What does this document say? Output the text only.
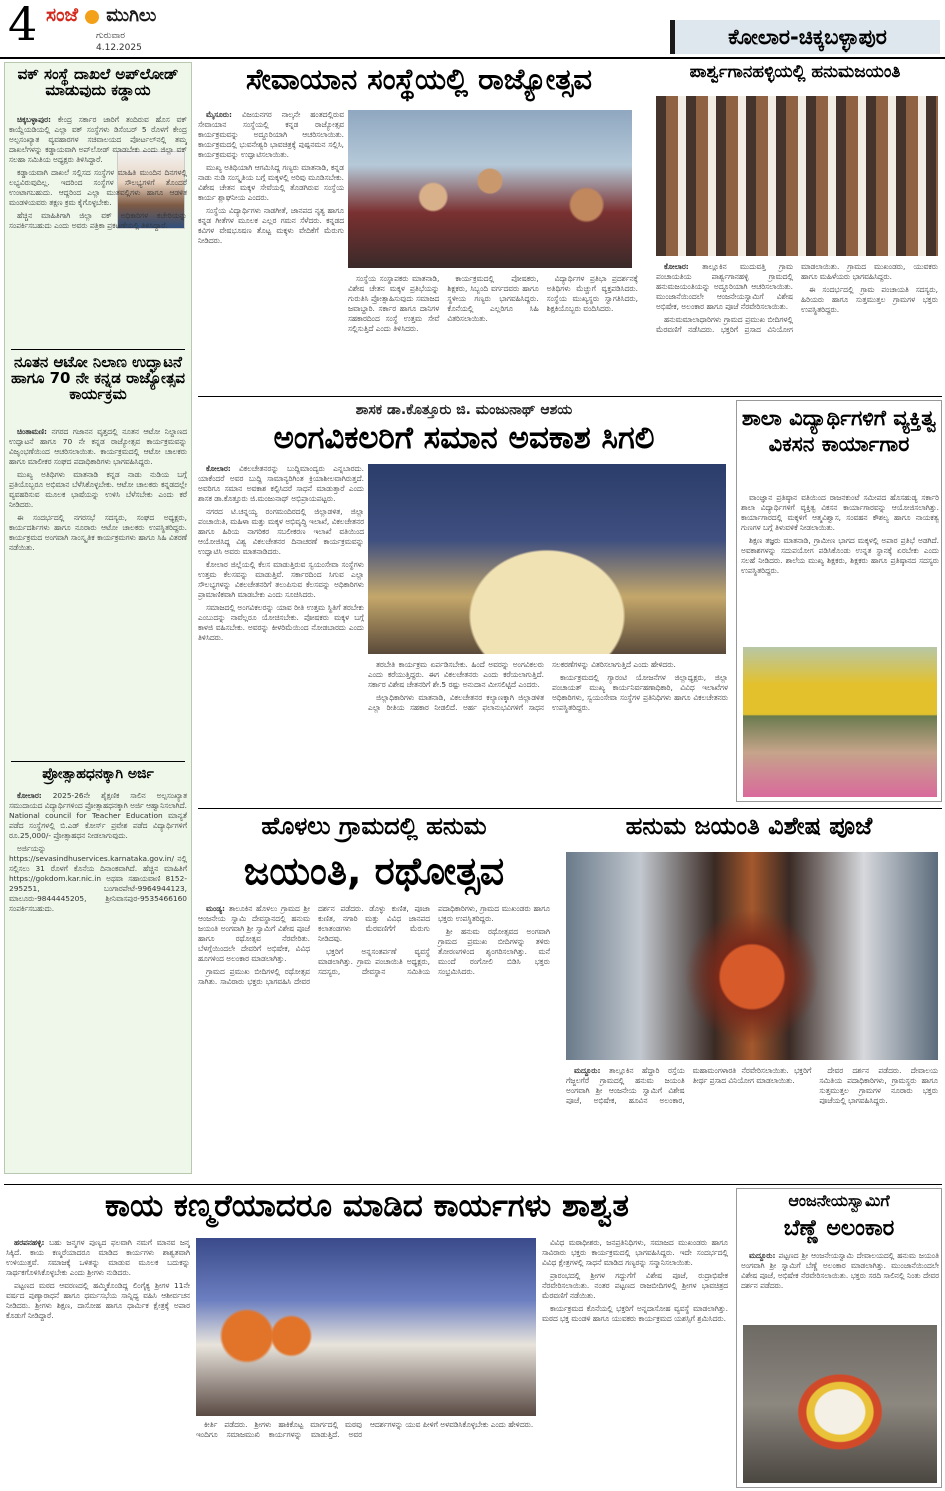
4 ಸಂಜೆ ಮುಗಿಲು
ಗುರುವಾರ
4.12.2025	ಕೋಲಾರ-ಚಿಕ್ಕಬಳ್ಳಾಪುರ
ವಕ್ ಸಂಸ್ಥೆ ದಾಖಲೆ ಅಪ್‌ಲೋಡ್ ಮಾಡುವುದು ಕಡ್ಡಾಯ

ಚಿಕ್ಕಬಳ್ಳಾಪುರ: ಕೇಂದ್ರ ಸರ್ಕಾರ ಜಾರಿಗೆ ತಂದಿರುವ ಹೊಸ ವಕ್ ಕಾಯ್ದೆಯಡಿಯಲ್ಲಿ ಎಲ್ಲಾ ವಕ್ ಸಂಸ್ಥೆಗಳು ಡಿಸೆಂಬರ್ 5 ರೊಳಗೆ ಕೇಂದ್ರ ಅಲ್ಪಸಂಖ್ಯಾತ ವ್ಯವಹಾರಗಳ ಸಚಿವಾಲಯದ ಪೋರ್ಟಲ್‌ನಲ್ಲಿ ತಮ್ಮ ದಾಖಲೆಗಳನ್ನು ಕಡ್ಡಾಯವಾಗಿ ಅಪ್‌ಲೋಡ್ ಮಾಡಬೇಕು ಎಂದು ಜಿಲ್ಲಾ ವಕ್ ಸಲಹಾ ಸಮಿತಿಯ ಅಧ್ಯಕ್ಷರು ತಿಳಿಸಿದ್ದಾರೆ.

ಕಡ್ಡಾಯವಾಗಿ ದಾಖಲೆ ಸಲ್ಲಿಸದ ಸಂಸ್ಥೆಗಳ ಮಾಹಿತಿ ಮುಂದಿನ ದಿನಗಳಲ್ಲಿ ಲಭ್ಯವಿರುವುದಿಲ್ಲ. ಇದರಿಂದ ಸಂಸ್ಥೆಗಳ ಸೌಲಭ್ಯಗಳಿಗೆ ತೊಂದರೆ ಉಂಟಾಗಬಹುದು. ಆದ್ದರಿಂದ ಎಲ್ಲಾ ಮುತವಲ್ಲಿಗಳು ಹಾಗೂ ಆಡಳಿತ ಮಂಡಳಿಯವರು ತಕ್ಷಣ ಕ್ರಮ ಕೈಗೊಳ್ಳಬೇಕು.

ಹೆಚ್ಚಿನ ಮಾಹಿತಿಗಾಗಿ ಜಿಲ್ಲಾ ವಕ್ ಅಧಿಕಾರಿಗಳ ಕಚೇರಿಯನ್ನು ಸಂಪರ್ಕಿಸಬಹುದು ಎಂದು ಅವರು ಪತ್ರಿಕಾ ಪ್ರಕಟಣೆಯಲ್ಲಿ ತಿಳಿಸಿದ್ದಾರೆ.

ನೂತನ ಆಟೋ ನಿಲಾಣ ಉದ್ಘಾಟನೆ ಹಾಗೂ 70 ನೇ ಕನ್ನಡ ರಾಜ್ಯೋತ್ಸವ ಕಾರ್ಯಕ್ರಮ

ಚಿಂತಾಮಣಿ: ನಗರದ ಗಜಾನನ ವೃತ್ತದಲ್ಲಿ ನೂತನ ಆಟೋ ನಿಲ್ದಾಣದ ಉದ್ಘಾಟನೆ ಹಾಗೂ 70 ನೇ ಕನ್ನಡ ರಾಜ್ಯೋತ್ಸವ ಕಾರ್ಯಕ್ರಮವನ್ನು ವಿಜೃಂಭಣೆಯಿಂದ ಆಚರಿಸಲಾಯಿತು. ಕಾರ್ಯಕ್ರಮದಲ್ಲಿ ಆಟೋ ಚಾಲಕರು ಹಾಗೂ ಮಾಲೀಕರ ಸಂಘದ ಪದಾಧಿಕಾರಿಗಳು ಭಾಗವಹಿಸಿದ್ದರು.

ಮುಖ್ಯ ಅತಿಥಿಗಳು ಮಾತನಾಡಿ ಕನ್ನಡ ನಾಡು ನುಡಿಯ ಬಗ್ಗೆ ಪ್ರತಿಯೊಬ್ಬರೂ ಅಭಿಮಾನ ಬೆಳೆಸಿಕೊಳ್ಳಬೇಕು. ಆಟೋ ಚಾಲಕರು ಕನ್ನಡದಲ್ಲೇ ವ್ಯವಹರಿಸುವ ಮೂಲಕ ಭಾಷೆಯನ್ನು ಉಳಿಸಿ ಬೆಳೆಸಬೇಕು ಎಂದು ಕರೆ ನೀಡಿದರು.

ಈ ಸಂದರ್ಭದಲ್ಲಿ ನಗರಸಭೆ ಸದಸ್ಯರು, ಸಂಘದ ಅಧ್ಯಕ್ಷರು, ಕಾರ್ಯದರ್ಶಿಗಳು ಹಾಗೂ ನೂರಾರು ಆಟೋ ಚಾಲಕರು ಉಪಸ್ಥಿತರಿದ್ದರು. ಕಾರ್ಯಕ್ರಮದ ಅಂಗವಾಗಿ ಸಾಂಸ್ಕೃತಿಕ ಕಾರ್ಯಕ್ರಮಗಳು ಹಾಗೂ ಸಿಹಿ ವಿತರಣೆ ನಡೆಯಿತು.

ಪ್ರೋತ್ಸಾಹಧನಕ್ಕಾಗಿ ಅರ್ಜಿ

ಕೋಲಾರ: 2025-26ನೇ ಶೈಕ್ಷಣಿಕ ಸಾಲಿನ ಅಲ್ಪಸಂಖ್ಯಾತ ಸಮುದಾಯದ ವಿದ್ಯಾರ್ಥಿಗಳಿಂದ ಪ್ರೋತ್ಸಾಹಧನಕ್ಕಾಗಿ ಅರ್ಜಿ ಆಹ್ವಾನಿಸಲಾಗಿದೆ. National council for Teacher Education ಮಾನ್ಯತೆ ಪಡೆದ ಸಂಸ್ಥೆಗಳಲ್ಲಿ ಬಿ.ಎಡ್ ಕೋರ್ಸ್ ಪ್ರವೇಶ ಪಡೆದ ವಿದ್ಯಾರ್ಥಿಗಳಿಗೆ ರೂ.25,000/- ಪ್ರೋತ್ಸಾಹಧನ ನೀಡಲಾಗುವುದು.

ಅರ್ಜಿಯನ್ನು https://sevasindhuservices.karnataka.gov.in/ ನಲ್ಲಿ ಸಲ್ಲಿಸಲು 31 ರೊಳಗೆ ಕೊನೆಯ ದಿನಾಂಕವಾಗಿದೆ. ಹೆಚ್ಚಿನ ಮಾಹಿತಿಗೆ https://gokdom.kar.nic.in ಅಥವಾ ಸಹಾಯವಾಣಿ 8152-295251, ಬಂಗಾರಪೇಟೆ-9964944123, ಮಾಲೂರು-9844445205, ಶ್ರೀನಿವಾಸಪುರ-9535466160 ಸಂಪರ್ಕಿಸಬಹುದು.

ಸೇವಾಯಾನ ಸಂಸ್ಥೆಯಲ್ಲಿ ರಾಜ್ಯೋತ್ಸವ

ಮೈಸೂರು: ವಿಜಯನಗರ ನಾಲ್ಕನೇ ಹಂತದಲ್ಲಿರುವ ಸೇವಾಯಾನ ಸಂಸ್ಥೆಯಲ್ಲಿ ಕನ್ನಡ ರಾಜ್ಯೋತ್ಸವ ಕಾರ್ಯಕ್ರಮವನ್ನು ಅದ್ದೂರಿಯಾಗಿ ಆಚರಿಸಲಾಯಿತು. ಕಾರ್ಯಕ್ರಮದಲ್ಲಿ ಭುವನೇಶ್ವರಿ ಭಾವಚಿತ್ರಕ್ಕೆ ಪುಷ್ಪನಮನ ಸಲ್ಲಿಸಿ, ಕಾರ್ಯಕ್ರಮವನ್ನು ಉದ್ಘಾಟಿಸಲಾಯಿತು.

ಮುಖ್ಯ ಅತಿಥಿಯಾಗಿ ಆಗಮಿಸಿದ್ದ ಗಣ್ಯರು ಮಾತನಾಡಿ, ಕನ್ನಡ ನಾಡು ನುಡಿ ಸಂಸ್ಕೃತಿಯ ಬಗ್ಗೆ ಮಕ್ಕಳಲ್ಲಿ ಅರಿವು ಮೂಡಿಸಬೇಕು. ವಿಶೇಷ ಚೇತನ ಮಕ್ಕಳ ಸೇವೆಯಲ್ಲಿ ತೊಡಗಿರುವ ಸಂಸ್ಥೆಯ ಕಾರ್ಯ ಶ್ಲಾಘನೀಯ ಎಂದರು.

ಸಂಸ್ಥೆಯ ವಿದ್ಯಾರ್ಥಿಗಳು ನಾಡಗೀತೆ, ಜಾನಪದ ನೃತ್ಯ ಹಾಗೂ ಕನ್ನಡ ಗೀತೆಗಳ ಮೂಲಕ ಎಲ್ಲರ ಗಮನ ಸೆಳೆದರು. ಕನ್ನಡದ ಕವಿಗಳ ವೇಷಭೂಷಣ ತೊಟ್ಟ ಮಕ್ಕಳು ವೇದಿಕೆಗೆ ಮೆರುಗು ನೀಡಿದರು.

ಸಂಸ್ಥೆಯ ಸಂಸ್ಥಾಪಕರು ಮಾತನಾಡಿ, ವಿಶೇಷ ಚೇತನ ಮಕ್ಕಳ ಪ್ರತಿಭೆಯನ್ನು ಗುರುತಿಸಿ ಪ್ರೋತ್ಸಾಹಿಸುವುದು ಸಮಾಜದ ಜವಾಬ್ದಾರಿ. ಸರ್ಕಾರ ಹಾಗೂ ದಾನಿಗಳ ಸಹಕಾರದಿಂದ ಸಂಸ್ಥೆ ಉತ್ತಮ ಸೇವೆ ಸಲ್ಲಿಸುತ್ತಿದೆ ಎಂದು ತಿಳಿಸಿದರು.

ಕಾರ್ಯಕ್ರಮದಲ್ಲಿ ಪೋಷಕರು, ಶಿಕ್ಷಕರು, ಸಿಬ್ಬಂದಿ ವರ್ಗದವರು ಹಾಗೂ ಸ್ಥಳೀಯ ಗಣ್ಯರು ಭಾಗವಹಿಸಿದ್ದರು. ಕೊನೆಯಲ್ಲಿ ಎಲ್ಲರಿಗೂ ಸಿಹಿ ವಿತರಿಸಲಾಯಿತು.

ವಿದ್ಯಾರ್ಥಿಗಳ ಪ್ರತಿಭಾ ಪ್ರದರ್ಶನಕ್ಕೆ ಅತಿಥಿಗಳು ಮೆಚ್ಚುಗೆ ವ್ಯಕ್ತಪಡಿಸಿದರು. ಸಂಸ್ಥೆಯ ಮುಖ್ಯಸ್ಥರು ಸ್ವಾಗತಿಸಿದರು, ಶಿಕ್ಷಕಿಯೊಬ್ಬರು ವಂದಿಸಿದರು.

ಪಾರ್ಶ್ವಗಾನಹಳ್ಳಿಯಲ್ಲಿ ಹನುಮಜಯಂತಿ

ಕೋಲಾರ: ತಾಲ್ಲೂಕಿನ ಮುದುವತ್ತಿ ಗ್ರಾಮ ಪಂಚಾಯತಿಯ ಪಾರ್ಶ್ವಗಾನಹಳ್ಳಿ ಗ್ರಾಮದಲ್ಲಿ ಹನುಮಜಯಂತಿಯನ್ನು ಅದ್ದೂರಿಯಾಗಿ ಆಚರಿಸಲಾಯಿತು. ಮುಂಜಾನೆಯಿಂದಲೇ ಆಂಜನೇಯಸ್ವಾಮಿಗೆ ವಿಶೇಷ ಅಭಿಷೇಕ, ಅಲಂಕಾರ ಹಾಗೂ ಪೂಜೆ ನೆರವೇರಿಸಲಾಯಿತು.

ಹನುಮಮಾಲಾಧಾರಿಗಳು ಗ್ರಾಮದ ಪ್ರಮುಖ ಬೀದಿಗಳಲ್ಲಿ ಮೆರವಣಿಗೆ ನಡೆಸಿದರು. ಭಕ್ತರಿಗೆ ಪ್ರಸಾದ ವಿನಿಯೋಗ ಮಾಡಲಾಯಿತು. ಗ್ರಾಮದ ಮುಖಂಡರು, ಯುವಕರು ಹಾಗೂ ಮಹಿಳೆಯರು ಭಾಗವಹಿಸಿದ್ದರು.

ಈ ಸಂದರ್ಭದಲ್ಲಿ ಗ್ರಾಮ ಪಂಚಾಯತಿ ಸದಸ್ಯರು, ಹಿರಿಯರು ಹಾಗೂ ಸುತ್ತಮುತ್ತಲ ಗ್ರಾಮಗಳ ಭಕ್ತರು ಉಪಸ್ಥಿತರಿದ್ದರು.

ಶಾಸಕ ಡಾ.ಕೊತ್ತೂರು ಜಿ. ಮಂಜುನಾಥ್ ಆಶಯ
ಅಂಗವಿಕಲರಿಗೆ ಸಮಾನ ಅವಕಾಶ ಸಿಗಲಿ

ಕೋಲಾರ: ವಿಕಲಚೇತನರನ್ನು ಬುದ್ದಿಮಾಂದ್ಯರು ಎನ್ನಬಾರದು. ಯಾಕೆಂದರೆ ಅವರ ಬುದ್ದಿ ಸಾಮಾನ್ಯರಿಗಿಂತ ಕ್ರಿಯಾಶೀಲವಾಗಿರುತ್ತದೆ. ಅವರಿಗೂ ಸಮಾನ ಅವಕಾಶ ಕಲ್ಪಿಸಿದರೆ ಸಾಧನೆ ಮಾಡುತ್ತಾರೆ ಎಂದು ಶಾಸಕ ಡಾ.ಕೊತ್ತೂರು ಜಿ.ಮಂಜುನಾಥ್ ಅಭಿಪ್ರಾಯಪಟ್ಟರು.

ನಗರದ ಟಿ.ಚನ್ನಯ್ಯ ರಂಗಮಂದಿರದಲ್ಲಿ ಜಿಲ್ಲಾಡಳಿತ, ಜಿಲ್ಲಾ ಪಂಚಾಯಿತಿ, ಮಹಿಳಾ ಮತ್ತು ಮಕ್ಕಳ ಅಭಿವೃದ್ಧಿ ಇಲಾಖೆ, ವಿಕಲಚೇತನರ ಹಾಗೂ ಹಿರಿಯ ನಾಗರಿಕರ ಸಬಲೀಕರಣ ಇಲಾಖೆ ವತಿಯಿಂದ ಆಯೋಜಿಸಿದ್ದ ವಿಶ್ವ ವಿಕಲಚೇತನರ ದಿನಾಚರಣೆ ಕಾರ್ಯಕ್ರಮವನ್ನು ಉದ್ಘಾಟಿಸಿ ಅವರು ಮಾತನಾಡಿದರು.

ಕೋಲಾರ ಜಿಲ್ಲೆಯಲ್ಲಿ ಕೆಲಸ ಮಾಡುತ್ತಿರುವ ಸ್ವಯಂಸೇವಾ ಸಂಸ್ಥೆಗಳು ಉತ್ತಮ ಕೆಲಸವನ್ನು ಮಾಡುತ್ತಿವೆ. ಸರ್ಕಾರದಿಂದ ಸಿಗುವ ಎಲ್ಲಾ ಸೌಲಭ್ಯಗಳನ್ನು ವಿಕಲಚೇತನರಿಗೆ ತಲುಪಿಸುವ ಕೆಲಸವನ್ನು ಅಧಿಕಾರಿಗಳು ಪ್ರಾಮಾಣಿಕವಾಗಿ ಮಾಡಬೇಕು ಎಂದು ಸೂಚಿಸಿದರು.

ಸಮಾಜದಲ್ಲಿ ಅಂಗವಿಕಲರನ್ನು ಯಾವ ರೀತಿ ಉತ್ತಮ ಸ್ಥಿತಿಗೆ ತರಬೇಕು ಎಂಬುದನ್ನು ನಾವೆಲ್ಲರೂ ಯೋಚಿಸಬೇಕು. ಪೋಷಕರು ಮಕ್ಕಳ ಬಗ್ಗೆ ಕಾಳಜಿ ವಹಿಸಬೇಕು. ಅವರನ್ನು ಕೀಳರಿಮೆಯಿಂದ ನೋಡಬಾರದು ಎಂದು ತಿಳಿಸಿದರು.

ತರಬೇತಿ ಕಾರ್ಯಕ್ರಮ ಏರ್ಪಡಿಸಬೇಕು. ಹಿಂದೆ ಅವರನ್ನು ಅಂಗವಿಕಲರು ಎಂದು ಕರೆಯುತ್ತಿದ್ದರು. ಈಗ ವಿಕಲಚೇತನರು ಎಂದು ಕರೆಯಲಾಗುತ್ತಿದೆ. ಸರ್ಕಾರ ವಿಶೇಷ ಚೇತನರಿಗೆ ಶೇ.5 ರಷ್ಟು ಅನುದಾನ ಮೀಸಲಿಟ್ಟಿದೆ ಎಂದರು.

ಜಿಲ್ಲಾಧಿಕಾರಿಗಳು ಮಾತನಾಡಿ, ವಿಕಲಚೇತನರ ಕಲ್ಯಾಣಕ್ಕಾಗಿ ಜಿಲ್ಲಾಡಳಿತ ಎಲ್ಲಾ ರೀತಿಯ ಸಹಕಾರ ನೀಡಲಿದೆ. ಅರ್ಹ ಫಲಾನುಭವಿಗಳಿಗೆ ಸಾಧನ ಸಲಕರಣೆಗಳನ್ನು ವಿತರಿಸಲಾಗುತ್ತಿದೆ ಎಂದು ಹೇಳಿದರು.

ಕಾರ್ಯಕ್ರಮದಲ್ಲಿ ಗ್ಯಾರಂಟಿ ಯೋಜನೆಗಳ ಜಿಲ್ಲಾಧ್ಯಕ್ಷರು, ಜಿಲ್ಲಾ ಪಂಚಾಯತ್ ಮುಖ್ಯ ಕಾರ್ಯನಿರ್ವಹಣಾಧಿಕಾರಿ, ವಿವಿಧ ಇಲಾಖೆಗಳ ಅಧಿಕಾರಿಗಳು, ಸ್ವಯಂಸೇವಾ ಸಂಸ್ಥೆಗಳ ಪ್ರತಿನಿಧಿಗಳು ಹಾಗೂ ವಿಕಲಚೇತನರು ಉಪಸ್ಥಿತರಿದ್ದರು.

ಶಾಲಾ ವಿದ್ಯಾರ್ಥಿಗಳಿಗೆ ವ್ಯಕ್ತಿತ್ವ ವಿಕಸನ ಕಾರ್ಯಾಗಾರ

ವಾಂಜ್ಞಾನ ಪ್ರತಿಷ್ಠಾನ ವತಿಯಿಂದ ರಾಜನಕುಂಟೆ ಸಮೀಪದ ಹೊಸಹುಡ್ಯ ಸರ್ಕಾರಿ ಶಾಲಾ ವಿದ್ಯಾರ್ಥಿಗಳಿಗೆ ವ್ಯಕ್ತಿತ್ವ ವಿಕಸನ ಕಾರ್ಯಾಗಾರವನ್ನು ಆಯೋಜಿಸಲಾಗಿತ್ತು. ಕಾರ್ಯಾಗಾರದಲ್ಲಿ ಮಕ್ಕಳಿಗೆ ಆತ್ಮವಿಶ್ವಾಸ, ಸಂವಹನ ಕೌಶಲ್ಯ ಹಾಗೂ ನಾಯಕತ್ವ ಗುಣಗಳ ಬಗ್ಗೆ ತಿಳುವಳಿಕೆ ನೀಡಲಾಯಿತು.

ಶಿಕ್ಷಣ ತಜ್ಞರು ಮಾತನಾಡಿ, ಗ್ರಾಮೀಣ ಭಾಗದ ಮಕ್ಕಳಲ್ಲಿ ಅಪಾರ ಪ್ರತಿಭೆ ಅಡಗಿದೆ. ಅವಕಾಶಗಳನ್ನು ಸದುಪಯೋಗ ಪಡಿಸಿಕೊಂಡು ಉನ್ನತ ಸ್ಥಾನಕ್ಕೆ ಏರಬೇಕು ಎಂದು ಸಲಹೆ ನೀಡಿದರು. ಶಾಲೆಯ ಮುಖ್ಯ ಶಿಕ್ಷಕರು, ಶಿಕ್ಷಕರು ಹಾಗೂ ಪ್ರತಿಷ್ಠಾನದ ಸದಸ್ಯರು ಉಪಸ್ಥಿತರಿದ್ದರು.

ಹೊಳಲು ಗ್ರಾಮದಲ್ಲಿ ಹನುಮ
ಜಯಂತಿ, ರಥೋತ್ಸವ

ಮಂಡ್ಯ: ತಾಲೂಕಿನ ಹೊಳಲು ಗ್ರಾಮದ ಶ್ರೀ ಆಂಜನೇಯ ಸ್ವಾಮಿ ದೇವಸ್ಥಾನದಲ್ಲಿ ಹನುಮ ಜಯಂತಿ ಅಂಗವಾಗಿ ಶ್ರೀ ಸ್ವಾಮಿಗೆ ವಿಶೇಷ ಪೂಜೆ ಹಾಗೂ ರಥೋತ್ಸವ ನೆರವೇರಿತು. ಬೆಳಗ್ಗೆಯಿಂದಲೇ ದೇವರಿಗೆ ಅಭಿಷೇಕ, ವಿವಿಧ ಹೂಗಳಿಂದ ಅಲಂಕಾರ ಮಾಡಲಾಗಿತ್ತು.

ಗ್ರಾಮದ ಪ್ರಮುಖ ಬೀದಿಗಳಲ್ಲಿ ರಥೋತ್ಸವ ಸಾಗಿತು. ಸಾವಿರಾರು ಭಕ್ತರು ಭಾಗವಹಿಸಿ ದೇವರ ದರ್ಶನ ಪಡೆದರು. ಡೊಳ್ಳು ಕುಣಿತ, ಪೂಜಾ ಕುಣಿತ, ನಗಾರಿ ಮತ್ತು ವಿವಿಧ ಜಾನಪದ ಕಲಾತಂಡಗಳು ಮೆರವಣಿಗೆಗೆ ಮೆರುಗು ನೀಡಿದವು.

ಭಕ್ತರಿಗೆ ಅನ್ನಸಂತರ್ಪಣೆ ವ್ಯವಸ್ಥೆ ಮಾಡಲಾಗಿತ್ತು. ಗ್ರಾಮ ಪಂಚಾಯಿತಿ ಅಧ್ಯಕ್ಷರು, ಸದಸ್ಯರು, ದೇವಸ್ಥಾನ ಸಮಿತಿಯ ಪದಾಧಿಕಾರಿಗಳು, ಗ್ರಾಮದ ಮುಖಂಡರು ಹಾಗೂ ಭಕ್ತರು ಉಪಸ್ಥಿತರಿದ್ದರು.

ಶ್ರೀ ಹನುಮ ರಥೋತ್ಸವದ ಅಂಗವಾಗಿ ಗ್ರಾಮದ ಪ್ರಮುಖ ಬೀದಿಗಳನ್ನು ತಳಿರು ತೋರಣಗಳಿಂದ ಶೃಂಗರಿಸಲಾಗಿತ್ತು. ಮನೆ ಮುಂದೆ ರಂಗೋಲಿ ಬಿಡಿಸಿ ಭಕ್ತರು ಸಂಭ್ರಮಿಸಿದರು.

ಹನುಮ ಜಯಂತಿ ವಿಶೇಷ ಪೂಜೆ

ಮದ್ದೂರು: ತಾಲ್ಲೂಕಿನ ಹೆದ್ದಾರಿ ರಸ್ತೆಯ ಗೆಜ್ಜಲಗೆರೆ ಗ್ರಾಮದಲ್ಲಿ ಹನುಮ ಜಯಂತಿ ಅಂಗವಾಗಿ ಶ್ರೀ ಆಂಜನೇಯ ಸ್ವಾಮಿಗೆ ವಿಶೇಷ ಪೂಜೆ, ಅಭಿಷೇಕ, ಹೂವಿನ ಅಲಂಕಾರ, ಮಹಾಮಂಗಳಾರತಿ ನೆರವೇರಿಸಲಾಯಿತು. ಭಕ್ತರಿಗೆ ತೀರ್ಥ ಪ್ರಸಾದ ವಿನಿಯೋಗ ಮಾಡಲಾಯಿತು.

ದೇವರ ದರ್ಶನ ಪಡೆದರು. ದೇವಾಲಯ ಸಮಿತಿಯ ಪದಾಧಿಕಾರಿಗಳು, ಗ್ರಾಮಸ್ಥರು ಹಾಗೂ ಸುತ್ತಮುತ್ತಲ ಗ್ರಾಮಗಳ ನೂರಾರು ಭಕ್ತರು ಪೂಜೆಯಲ್ಲಿ ಭಾಗವಹಿಸಿದ್ದರು.

ಕಾಯ ಕಣ್ಮರೆಯಾದರೂ ಮಾಡಿದ ಕಾರ್ಯಗಳು ಶಾಶ್ವತ

ಹರಪನಹಳ್ಳಿ: ಬಹು ಜನ್ಮಗಳ ಪುಣ್ಯದ ಫಲವಾಗಿ ನಮಗೆ ಮಾನವ ಜನ್ಮ ಸಿಕ್ಕಿದೆ. ಕಾಯ ಕಣ್ಮರೆಯಾದರೂ ಮಾಡಿದ ಕಾರ್ಯಗಳು ಶಾಶ್ವತವಾಗಿ ಉಳಿಯುತ್ತವೆ. ಸಮಾಜಕ್ಕೆ ಒಳಿತನ್ನು ಮಾಡುವ ಮೂಲಕ ಬದುಕನ್ನು ಸಾರ್ಥಕಗೊಳಿಸಿಕೊಳ್ಳಬೇಕು ಎಂದು ಶ್ರೀಗಳು ನುಡಿದರು.

ಪಟ್ಟಣದ ಮಠದ ಆವರಣದಲ್ಲಿ ಹಮ್ಮಿಕೊಂಡಿದ್ದ ಲಿಂಗೈಕ್ಯ ಶ್ರೀಗಳ 11ನೇ ವರ್ಷದ ಪುಣ್ಯಾರಾಧನೆ ಹಾಗೂ ಧರ್ಮಸಭೆಯ ಸಾನ್ನಿಧ್ಯ ವಹಿಸಿ ಆಶೀರ್ವಚನ ನೀಡಿದರು. ಶ್ರೀಗಳು ಶಿಕ್ಷಣ, ದಾಸೋಹ ಹಾಗೂ ಧಾರ್ಮಿಕ ಕ್ಷೇತ್ರಕ್ಕೆ ಅಪಾರ ಕೊಡುಗೆ ನೀಡಿದ್ದಾರೆ.

ಕೀರ್ತಿ ಪಡೆದರು. ಶ್ರೀಗಳು ಹಾಕಿಕೊಟ್ಟ ಮಾರ್ಗದಲ್ಲಿ ಮಠವು ಇಂದಿಗೂ ಸಮಾಜಮುಖಿ ಕಾರ್ಯಗಳನ್ನು ಮಾಡುತ್ತಿದೆ. ಅವರ ಆದರ್ಶಗಳನ್ನು ಯುವ ಪೀಳಿಗೆ ಅಳವಡಿಸಿಕೊಳ್ಳಬೇಕು ಎಂದು ಹೇಳಿದರು.

ವಿವಿಧ ಮಠಾಧೀಶರು, ಜನಪ್ರತಿನಿಧಿಗಳು, ಸಮಾಜದ ಮುಖಂಡರು ಹಾಗೂ ಸಾವಿರಾರು ಭಕ್ತರು ಕಾರ್ಯಕ್ರಮದಲ್ಲಿ ಭಾಗವಹಿಸಿದ್ದರು. ಇದೇ ಸಂದರ್ಭದಲ್ಲಿ ವಿವಿಧ ಕ್ಷೇತ್ರಗಳಲ್ಲಿ ಸಾಧನೆ ಮಾಡಿದ ಗಣ್ಯರನ್ನು ಸನ್ಮಾನಿಸಲಾಯಿತು.

ಪ್ರಾರಂಭದಲ್ಲಿ ಶ್ರೀಗಳ ಗದ್ದುಗೆಗೆ ವಿಶೇಷ ಪೂಜೆ, ರುದ್ರಾಭಿಷೇಕ ನೆರವೇರಿಸಲಾಯಿತು. ನಂತರ ಪಟ್ಟಣದ ರಾಜಬೀದಿಗಳಲ್ಲಿ ಶ್ರೀಗಳ ಭಾವಚಿತ್ರದ ಮೆರವಣಿಗೆ ನಡೆಯಿತು.

ಕಾರ್ಯಕ್ರಮದ ಕೊನೆಯಲ್ಲಿ ಭಕ್ತರಿಗೆ ಅನ್ನದಾಸೋಹ ವ್ಯವಸ್ಥೆ ಮಾಡಲಾಗಿತ್ತು. ಮಠದ ಭಕ್ತ ಮಂಡಳಿ ಹಾಗೂ ಯುವಕರು ಕಾರ್ಯಕ್ರಮದ ಯಶಸ್ಸಿಗೆ ಶ್ರಮಿಸಿದರು.

ಆಂಜನೇಯಸ್ವಾಮಿಗೆ
ಬೆಣ್ಣೆ ಅಲಂಕಾರ

ಮದ್ದೂರು: ಪಟ್ಟಣದ ಶ್ರೀ ಆಂಜನೇಯಸ್ವಾಮಿ ದೇವಾಲಯದಲ್ಲಿ ಹನುಮ ಜಯಂತಿ ಅಂಗವಾಗಿ ಶ್ರೀ ಸ್ವಾಮಿಗೆ ಬೆಣ್ಣೆ ಅಲಂಕಾರ ಮಾಡಲಾಗಿತ್ತು. ಮುಂಜಾನೆಯಿಂದಲೇ ವಿಶೇಷ ಪೂಜೆ, ಅಭಿಷೇಕ ನೆರವೇರಿಸಲಾಯಿತು. ಭಕ್ತರು ಸರದಿ ಸಾಲಿನಲ್ಲಿ ನಿಂತು ದೇವರ ದರ್ಶನ ಪಡೆದರು.
